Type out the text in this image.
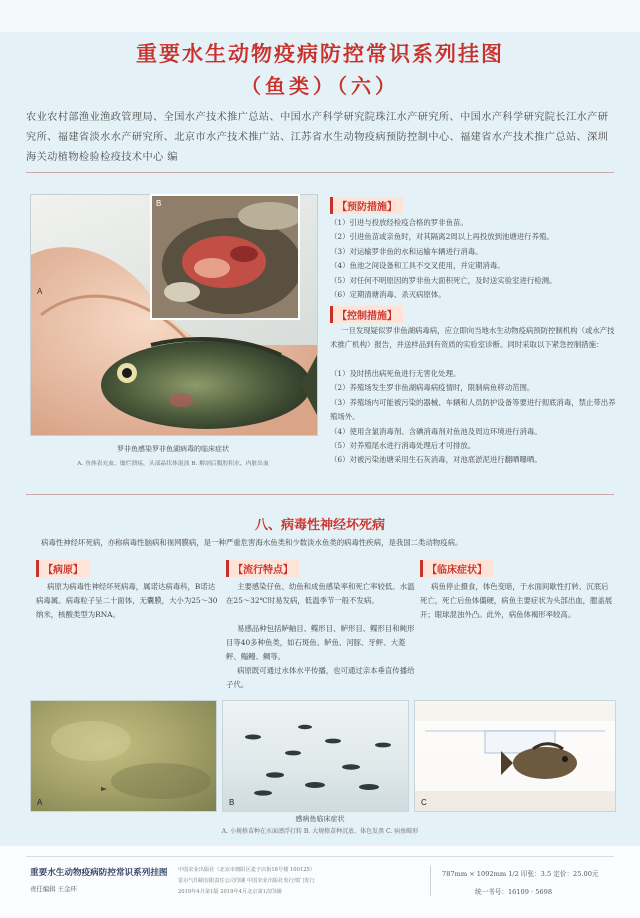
重要水生动物疫病防控常识系列挂图
（鱼类）（六）
农业农村部渔业渔政管理局、全国水产技术推广总站、中国水产科学研究院珠江水产研究所、中国水产科学研究院长江水产研究所、福建省淡水水产研究所、北京市水产技术推广站、江苏省水生动物疫病预防控制中心、福建省水产技术推广总站、深圳海关动植物检验检疫技术中心 编
A
B
罗非鱼感染罗非鱼湖病毒的临床症状
A. 鱼体表充血、糜烂溃疡，头部晶状体混浊 B. 解剖后腹腔积水、内脏出血
【预防措施】
（1）引进与投放经检疫合格的罗非鱼苗。
（2）引进鱼苗或亲鱼时，对其隔离2周以上再投放到池塘进行养殖。
（3）对运输罗非鱼的水和运输车辆进行消毒。
（4）鱼池之间设备和工具不交叉使用，并定期消毒。
（5）对任何不明原因的罗非鱼大面积死亡，及时送实验室进行检测。
（6）定期清塘消毒、杀灭病原体。
【控制措施】

一旦发现疑似罗非鱼湖病毒病，应立即向当地水生动物疫病预防控制机构（或水产技术推广机构）报告，并送样品到有资质的实验室诊断。同时采取以下紧急控制措施：

（1）及时捞出病死鱼进行无害化处理。
（2）养殖场发生罗非鱼湖病毒病疫情时，限制病鱼移动范围。
（3）养殖场内可能被污染的器械、车辆和人员防护设备等要进行彻底消毒，禁止带出养殖场外。
（4）使用含氯消毒剂、含碘消毒剂对鱼池及周边环境进行消毒。
（5）对养殖尾水进行消毒处理后才可排放。
（6）对被污染池塘采用生石灰消毒，对池底淤泥进行翻晒曝晒。
八、病毒性神经坏死病

病毒性神经坏死病，亦称病毒性脑病和视网膜病，是一种严重危害海水鱼类和少数淡水鱼类的病毒性疾病，是我国二类动物疫病。

【病原】

病原为病毒性神经坏死病毒，属诺达病毒科，Β诺达病毒属。病毒粒子呈二十面体，无囊膜，大小为25～30纳米，核酸类型为RNA。

【流行特点】

主要感染仔鱼、幼鱼和成鱼感染率和死亡率较低。水温在25～32℃时易发病，低温季节一般不发病。

易感品种包括鲈鲉目、鲽形目、鲈形目、鲽形目和鲀形目等40多种鱼类，如石斑鱼、鲈鱼、河豚、牙鲆、大菱鲆、鳎鳗、鲷等。

病原既可通过水体水平传播，也可通过亲本垂直传播给子代。

【临床症状】

病鱼停止摄食，体色变暗，于水面间歇性打转、沉底后死亡，死亡后鱼体僵硬，病鱼主要症状为头部出血，腮盖展开；眼球混浊外凸。此外，病鱼体褐形率较高。

A	B	C
感病鱼临床症状
A. 小规格苗种在水面漂浮打转 B. 大规格苗种沉底、体色发黑 C. 病鱼畸形
重要水生动物疫病防控常识系列挂图
责任编辑 王金环
中国农业出版社（北京市朝阳区麦子店街18号楼 100125）
雷尔气印刷有限责任公司印刷 中国农业出版社发行部门发行
2019年4月第1版 2019年4月北京第1次印刷
787mm × 1092mm 1/2 印张：3.5 定价：25.00元
统一书号：16109 · 5698
